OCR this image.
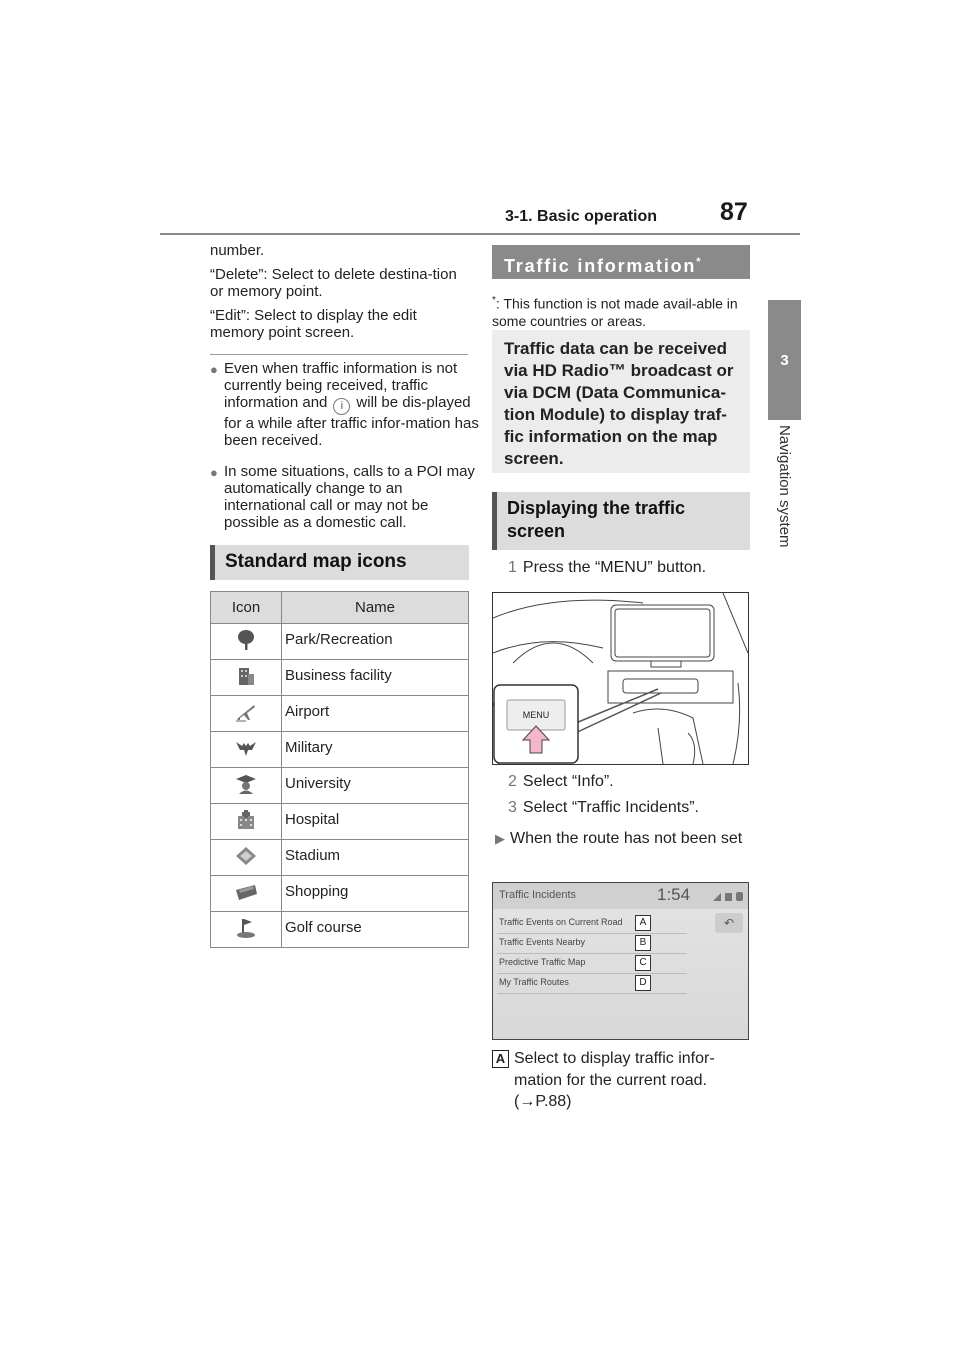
3-1. Basic operation	87
3
Navigation system
number.
“Delete”: Select to delete destina-tion or memory point.
“Edit”: Select to display the edit memory point screen.
● Even when traffic information is not currently being received, traffic information and i will be dis-played for a while after traffic infor-mation has been received.
● In some situations, calls to a POI may automatically change to an international call or may not be possible as a domestic call.
Standard map icons
Icon	Name
	Park/Recreation
	Business facility
	Airport
	Military
	University
	Hospital
	Stadium
	Shopping
	Golf course
Traffic information*
*: This function is not made avail-able in some countries or areas.
Traffic data can be received via HD Radio™ broadcast or via DCM (Data Communica-tion Module) to display traf-fic information on the map screen.
Displaying the traffic screen
1 Press the “MENU” button.
MENU
2 Select “Info”.
3 Select “Traffic Incidents”.
▶ When the route has not been set
Traffic Incidents	1:54
Traffic Events on Current Road	A
Traffic Events Nearby	B
Predictive Traffic Map	C
My Traffic Routes	D
↶
A Select to display traffic infor-mation for the current road.
(→P.88)
